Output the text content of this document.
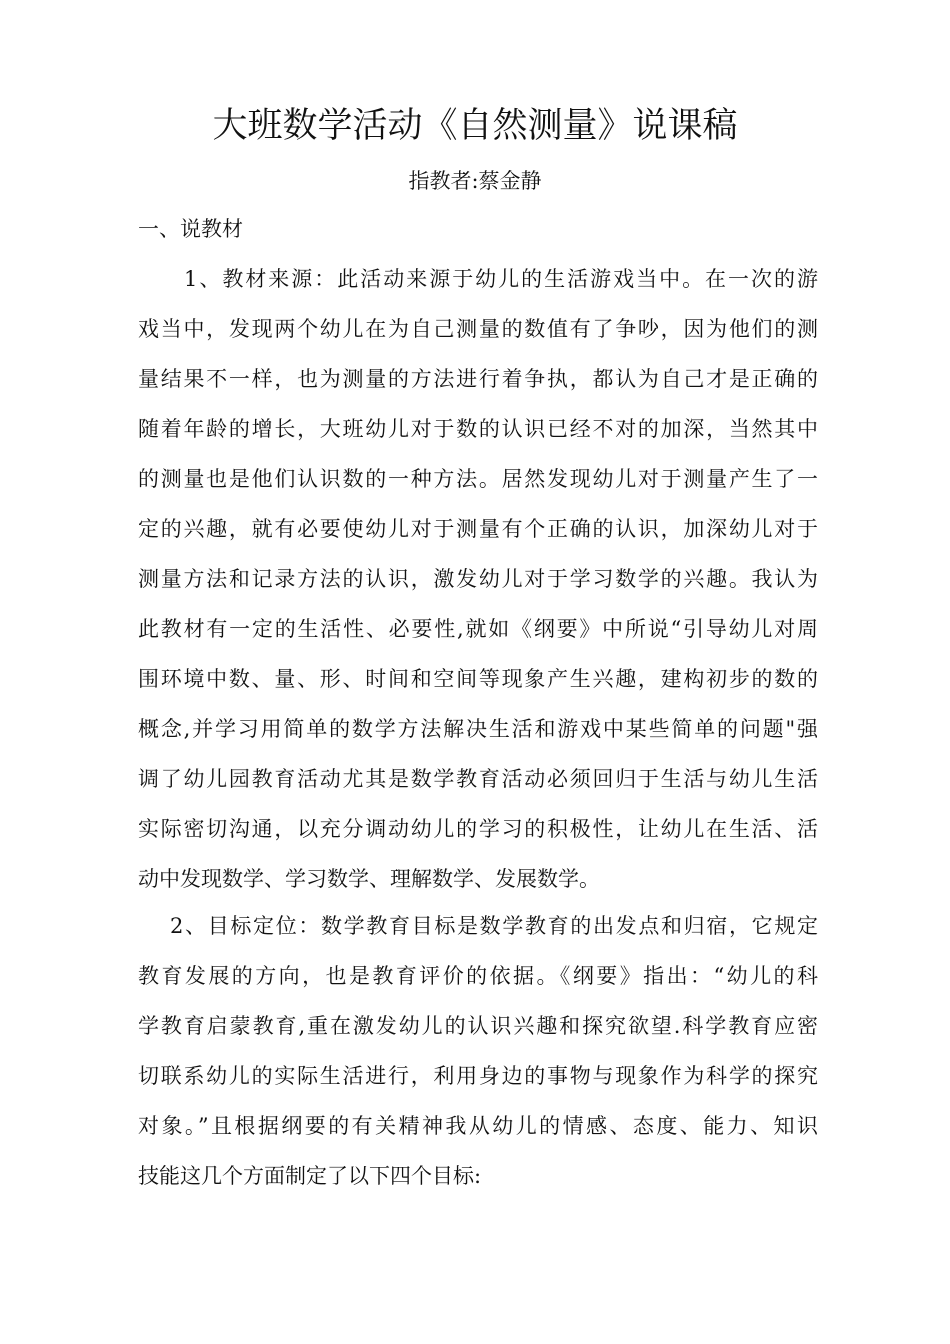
大班数学活动《自然测量》说课稿
指教者:蔡金静
一、说教材
1、教材来源：此活动来源于幼儿的生活游戏当中。在一次的游
戏当中，发现两个幼儿在为自己测量的数值有了争吵，因为他们的测
量结果不一样，也为测量的方法进行着争执，都认为自己才是正确的
随着年龄的增长，大班幼儿对于数的认识已经不对的加深，当然其中
的测量也是他们认识数的一种方法。居然发现幼儿对于测量产生了一
定的兴趣，就有必要使幼儿对于测量有个正确的认识，加深幼儿对于
测量方法和记录方法的认识，激发幼儿对于学习数学的兴趣。我认为
此教材有一定的生活性、必要性,就如《纲要》中所说“引导幼儿对周
围环境中数、量、形、时间和空间等现象产生兴趣，建构初步的数的
概念,并学习用简单的数学方法解决生活和游戏中某些简单的问题"强
调了幼儿园教育活动尤其是数学教育活动必须回归于生活与幼儿生活
实际密切沟通，以充分调动幼儿的学习的积极性，让幼儿在生活、活
动中发现数学、学习数学、理解数学、发展数学。
2、目标定位：数学教育目标是数学教育的出发点和归宿，它规定
教育发展的方向，也是教育评价的依据。《纲要》指出：“幼儿的科
学教育启蒙教育,重在激发幼儿的认识兴趣和探究欲望.科学教育应密
切联系幼儿的实际生活进行，利用身边的事物与现象作为科学的探究
对象。”且根据纲要的有关精神我从幼儿的情感、态度、能力、知识
技能这几个方面制定了以下四个目标:
